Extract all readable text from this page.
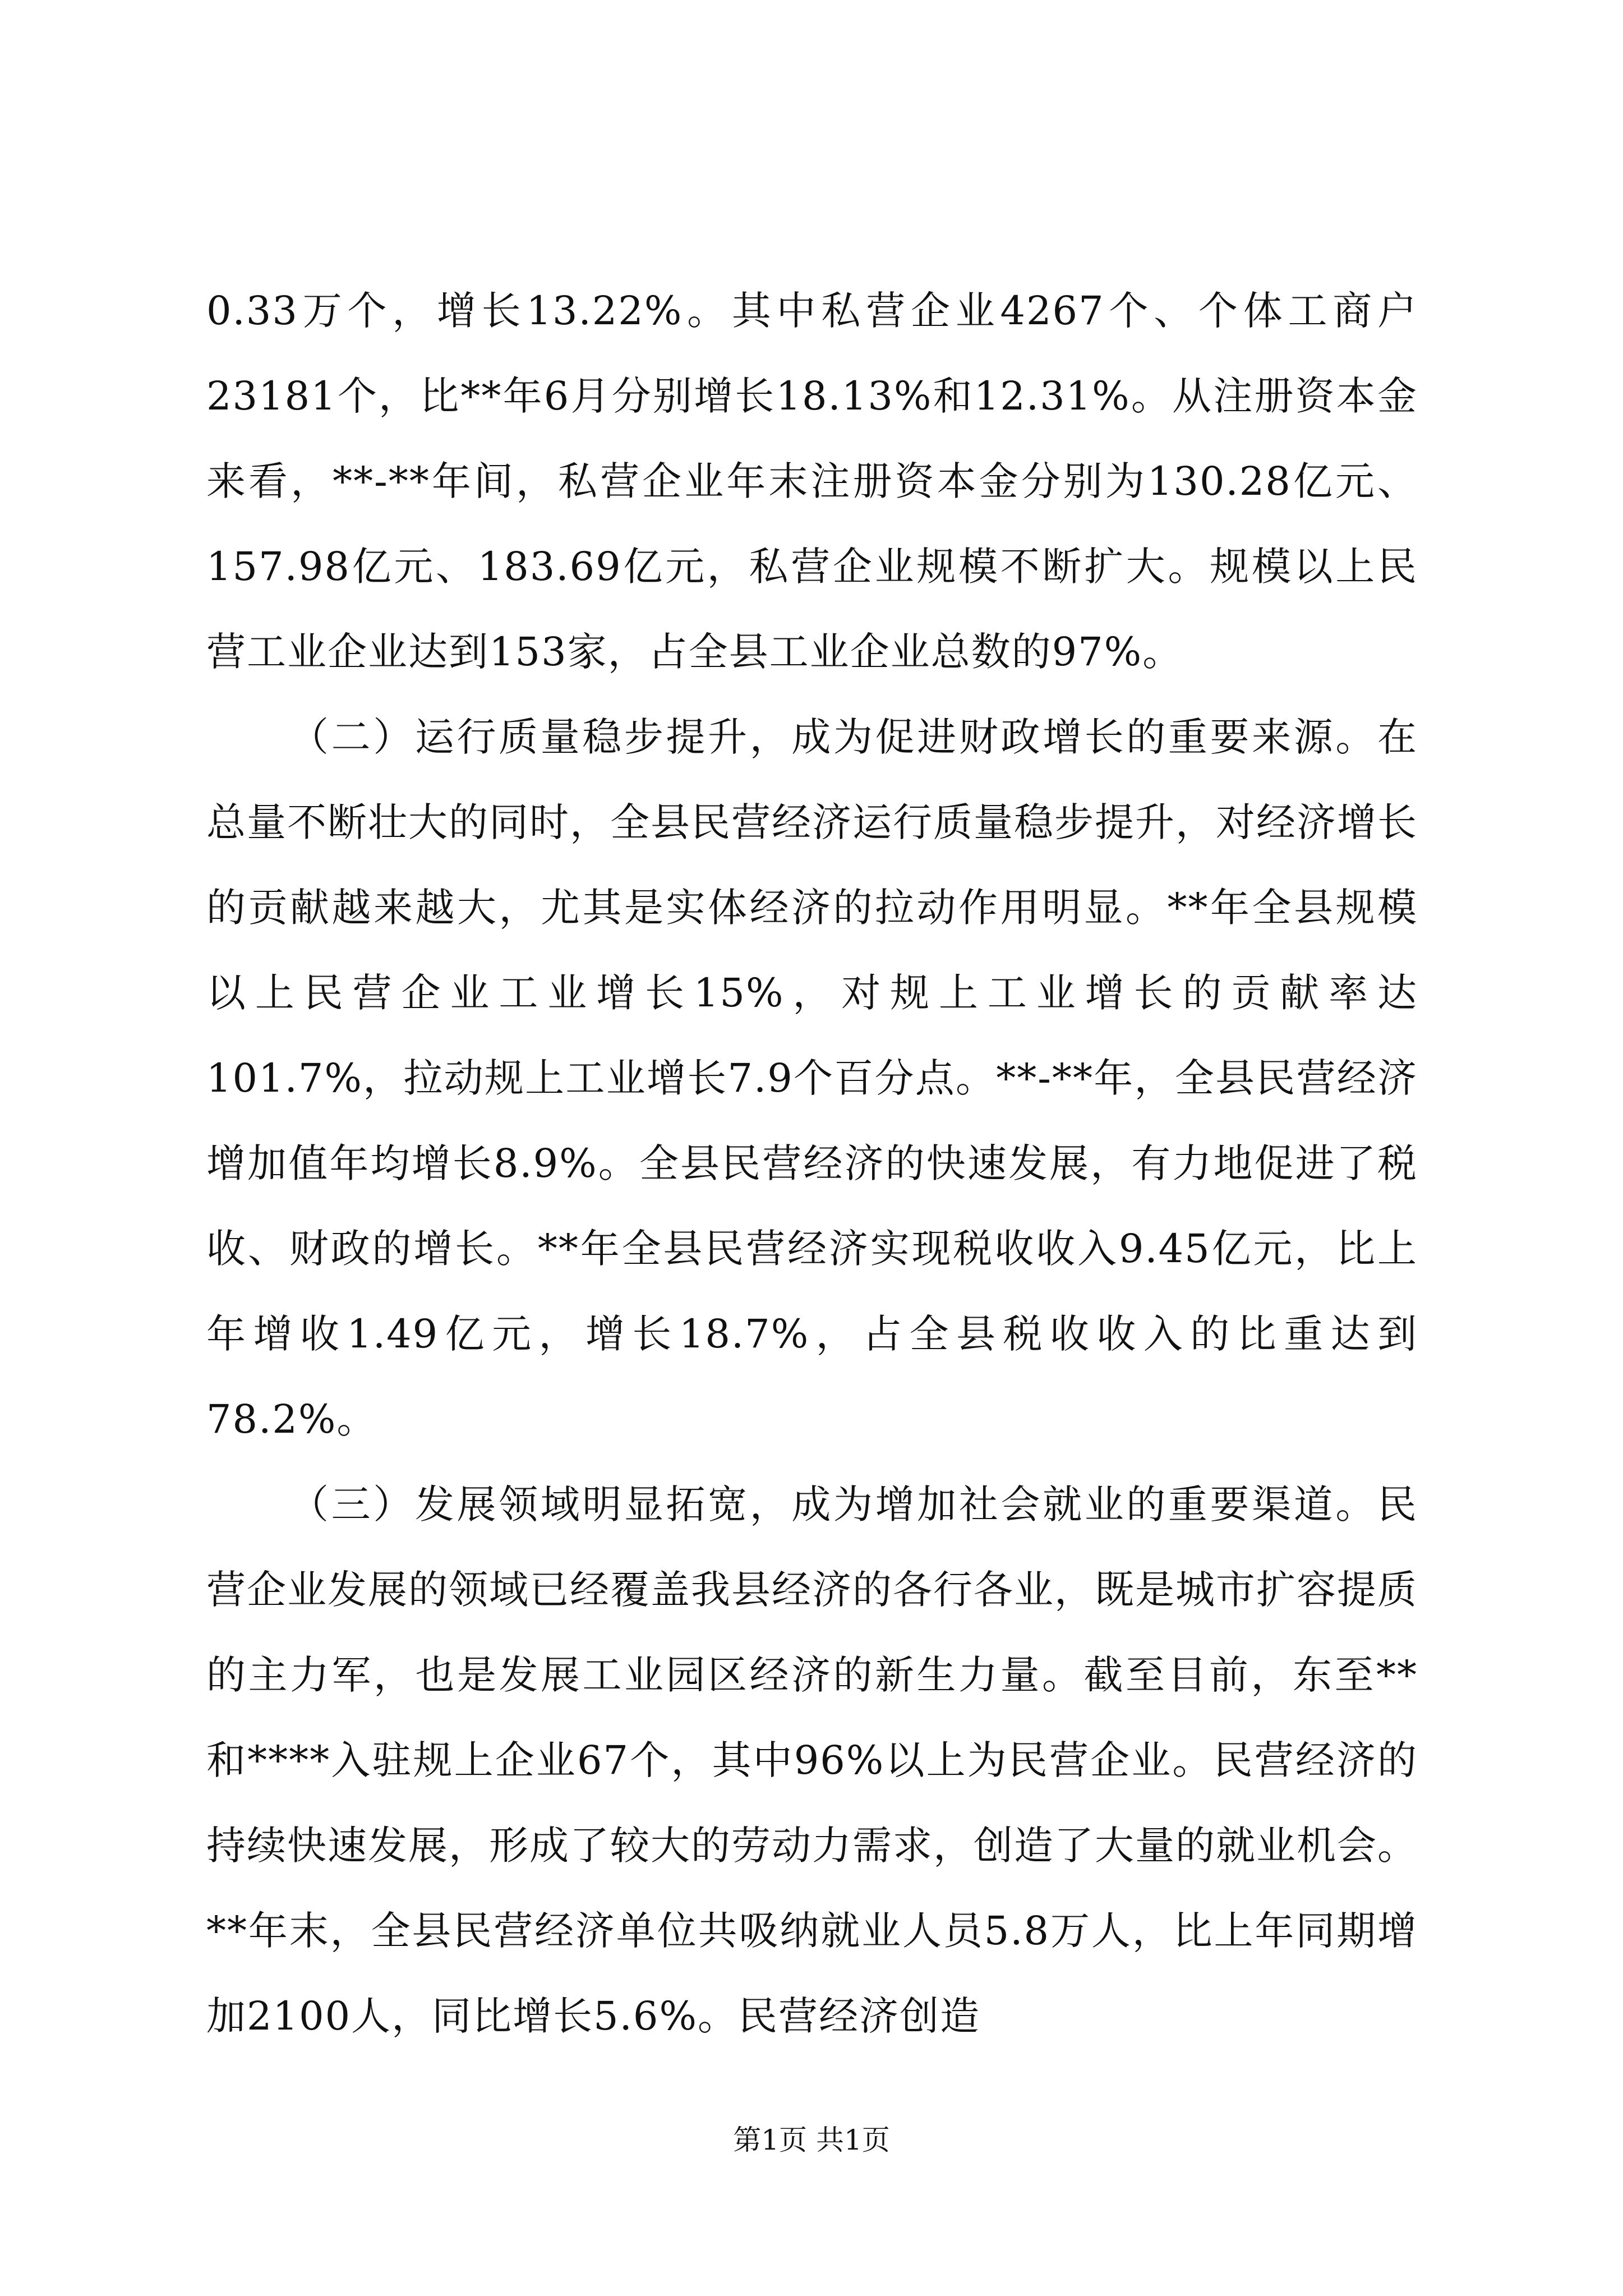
0.33万个，增长13.22%。其中私营企业4267个、个体工商户23181个，比**年6月分别增长18.13%和12.31%。从注册资本金来看，**-**年间，私营企业年末注册资本金分别为130.28亿元、157.98亿元、183.69亿元，私营企业规模不断扩大。规模以上民营工业企业达到153家，占全县工业企业总数的97%。

（二）运行质量稳步提升，成为促进财政增长的重要来源。在总量不断壮大的同时，全县民营经济运行质量稳步提升，对经济增长的贡献越来越大，尤其是实体经济的拉动作用明显。**年全县规模以上民营企业工业增长15%，对规上工业增长的贡献率达101.7%，拉动规上工业增长7.9个百分点。**-**年，全县民营经济增加值年均增长8.9%。全县民营经济的快速发展，有力地促进了税收、财政的增长。**年全县民营经济实现税收收入9.45亿元，比上年增收1.49亿元，增长18.7%，占全县税收收入的比重达到78.2%。

（三）发展领域明显拓宽，成为增加社会就业的重要渠道。民营企业发展的领域已经覆盖我县经济的各行各业，既是城市扩容提质的主力军，也是发展工业园区经济的新生力量。截至目前，东至**和****入驻规上企业67个，其中96%以上为民营企业。民营经济的持续快速发展，形成了较大的劳动力需求，创造了大量的就业机会。**年末，全县民营经济单位共吸纳就业人员5.8万人，比上年同期增加2100人，同比增长5.6%。民营经济创造

第1页 共1页
